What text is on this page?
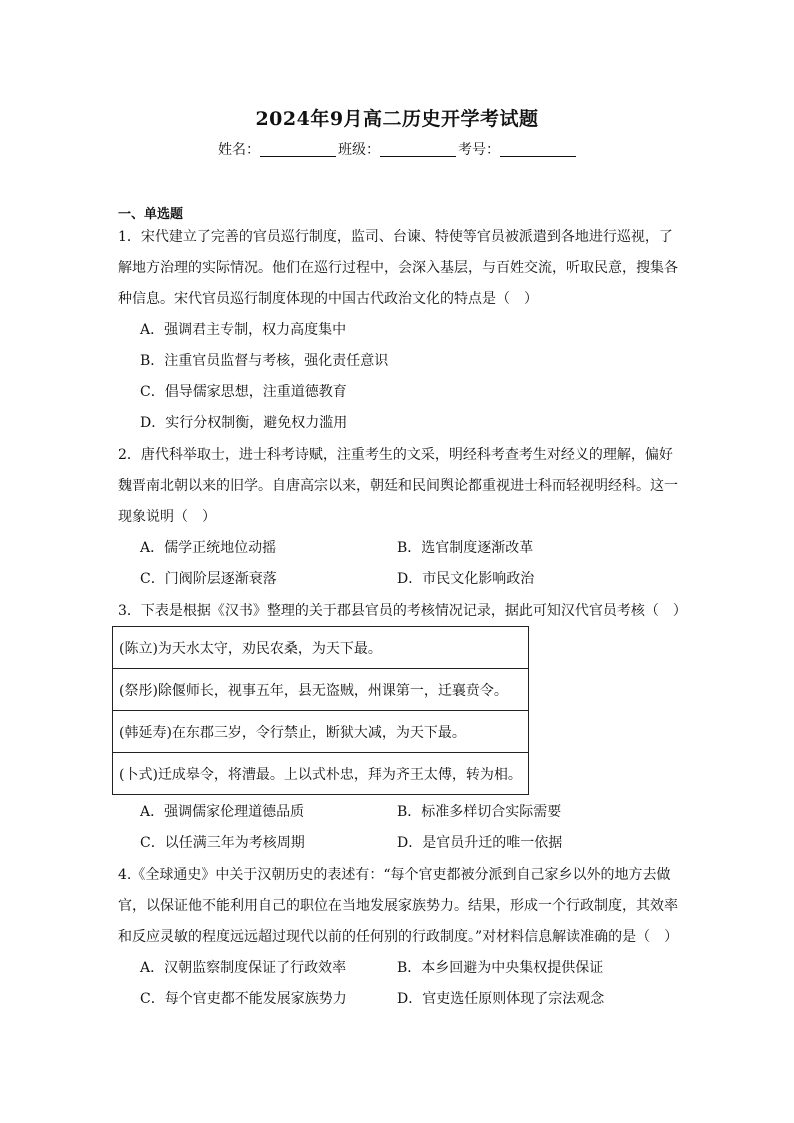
2024年9月高二历史开学考试题
姓名：	班级：	考号：
一、单选题
1．宋代建立了完善的官员巡行制度，监司、台谏、特使等官员被派遣到各地进行巡视，了解地方治理的实际情况。他们在巡行过程中，会深入基层，与百姓交流，听取民意，搜集各种信息。宋代官员巡行制度体现的中国古代政治文化的特点是（　）
A．强调君主专制，权力高度集中
B．注重官员监督与考核，强化责任意识
C．倡导儒家思想，注重道德教育
D．实行分权制衡，避免权力滥用
2．唐代科举取士，进士科考诗赋，注重考生的文采，明经科考查考生对经义的理解，偏好魏晋南北朝以来的旧学。自唐高宗以来，朝廷和民间舆论都重视进士科而轻视明经科。这一现象说明（　）
A．儒学正统地位动摇	B．选官制度逐渐改革
C．门阀阶层逐渐衰落	D．市民文化影响政治
3．下表是根据《汉书》整理的关于郡县官员的考核情况记录，据此可知汉代官员考核（　）
(陈立)为天水太守，劝民农桑，为天下最。
(祭彤)除偃师长，视事五年，县无盗贼，州课第一，迁襄贲令。
(韩延寿)在东郡三岁，令行禁止，断狱大减，为天下最。
(卜式)迁成皋令，将漕最。上以式朴忠，拜为齐王太傅，转为相。
A．强调儒家伦理道德品质	B．标准多样切合实际需要
C．以任满三年为考核周期	D．是官员升迁的唯一依据
4.《全球通史》中关于汉朝历史的表述有：“每个官吏都被分派到自己家乡以外的地方去做官，以保证他不能利用自己的职位在当地发展家族势力。结果，形成一个行政制度，其效率和反应灵敏的程度远远超过现代以前的任何别的行政制度。”对材料信息解读准确的是（　）
A．汉朝监察制度保证了行政效率	B．本乡回避为中央集权提供保证
C．每个官吏都不能发展家族势力	D．官吏选任原则体现了宗法观念
